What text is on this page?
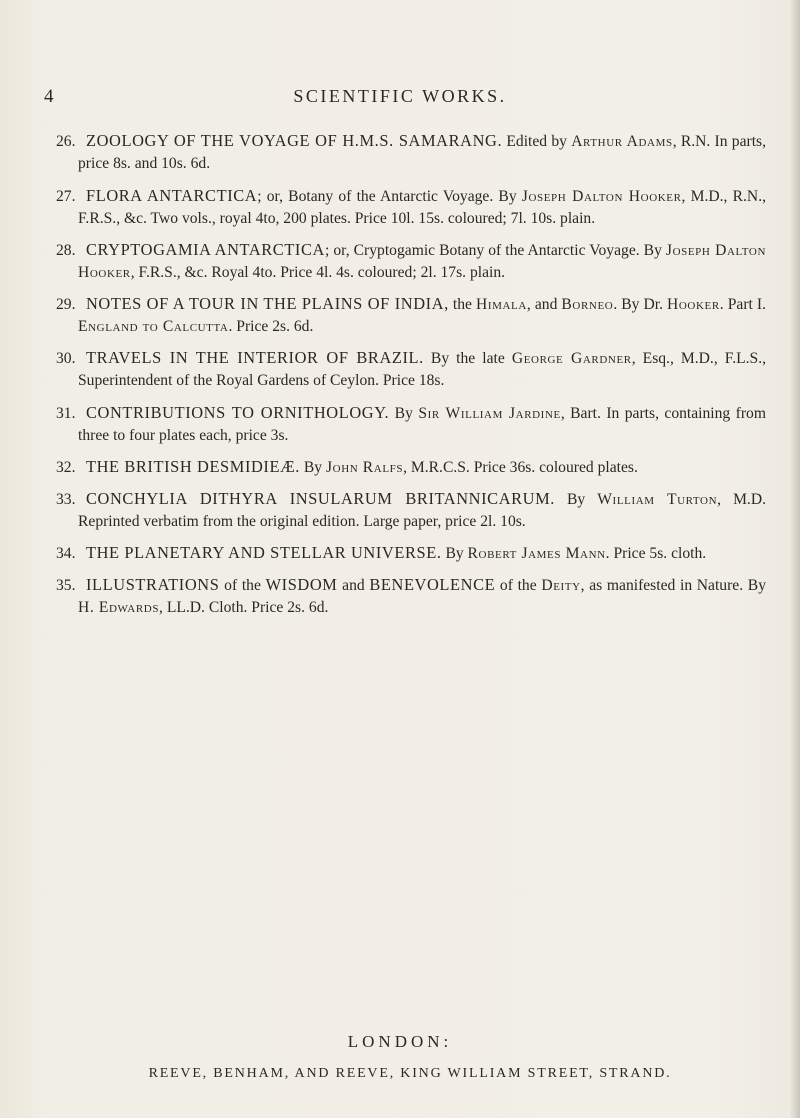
4	SCIENTIFIC WORKS.

26. ZOOLOGY OF THE VOYAGE OF H.M.S. SAMARANG. Edited by Arthur Adams, R.N. In parts, price 8s. and 10s. 6d.

27. FLORA ANTARCTICA; or, Botany of the Antarctic Voyage. By Joseph Dalton Hooker, M.D., R.N., F.R.S., &c. Two vols., royal 4to, 200 plates. Price 10l. 15s. coloured; 7l. 10s. plain.

28. CRYPTOGAMIA ANTARCTICA; or, Cryptogamic Botany of the Antarctic Voyage. By Joseph Dalton Hooker, F.R.S., &c. Royal 4to. Price 4l. 4s. coloured; 2l. 17s. plain.

29. NOTES OF A TOUR IN THE PLAINS OF INDIA, the Himala, and Borneo. By Dr. Hooker. Part I. England to Calcutta. Price 2s. 6d.

30. TRAVELS IN THE INTERIOR OF BRAZIL. By the late George Gardner, Esq., M.D., F.L.S., Superintendent of the Royal Gardens of Ceylon. Price 18s.

31. CONTRIBUTIONS TO ORNITHOLOGY. By Sir William Jardine, Bart. In parts, containing from three to four plates each, price 3s.

32. THE BRITISH DESMIDIEÆ. By John Ralfs, M.R.C.S. Price 36s. coloured plates.

33. CONCHYLIA DITHYRA INSULARUM BRITANNICARUM. By William Turton, M.D. Reprinted verbatim from the original edition. Large paper, price 2l. 10s.

34. THE PLANETARY AND STELLAR UNIVERSE. By Robert James Mann. Price 5s. cloth.

35. ILLUSTRATIONS of the WISDOM and BENEVOLENCE of the Deity, as manifested in Nature. By H. Edwards, LL.D. Cloth. Price 2s. 6d.

LONDON:
REEVE, BENHAM, AND REEVE, KING WILLIAM STREET, STRAND.
